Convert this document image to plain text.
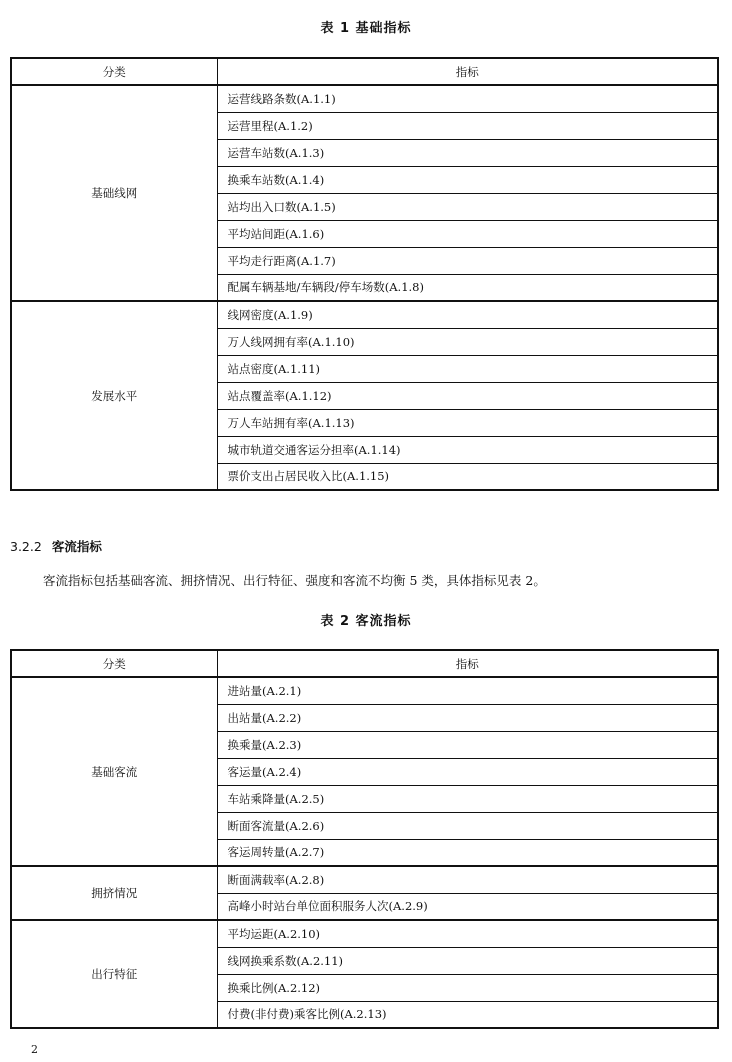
表 1 基础指标
分类	指标
基础线网	运营线路条数(A.1.1)
	运营里程(A.1.2)
	运营车站数(A.1.3)
	换乘车站数(A.1.4)
	站均出入口数(A.1.5)
	平均站间距(A.1.6)
	平均走行距离(A.1.7)
	配属车辆基地/车辆段/停车场数(A.1.8)
发展水平	线网密度(A.1.9)
	万人线网拥有率(A.1.10)
	站点密度(A.1.11)
	站点覆盖率(A.1.12)
	万人车站拥有率(A.1.13)
	城市轨道交通客运分担率(A.1.14)
	票价支出占居民收入比(A.1.15)
3.2.2 客流指标
客流指标包括基础客流、拥挤情况、出行特征、强度和客流不均衡 5 类，具体指标见表 2。
表 2 客流指标
分类	指标
基础客流	进站量(A.2.1)
	出站量(A.2.2)
	换乘量(A.2.3)
	客运量(A.2.4)
	车站乘降量(A.2.5)
	断面客流量(A.2.6)
	客运周转量(A.2.7)
拥挤情况	断面满载率(A.2.8)
	高峰小时站台单位面积服务人次(A.2.9)
出行特征	平均运距(A.2.10)
	线网换乘系数(A.2.11)
	换乘比例(A.2.12)
	付费(非付费)乘客比例(A.2.13)
2
